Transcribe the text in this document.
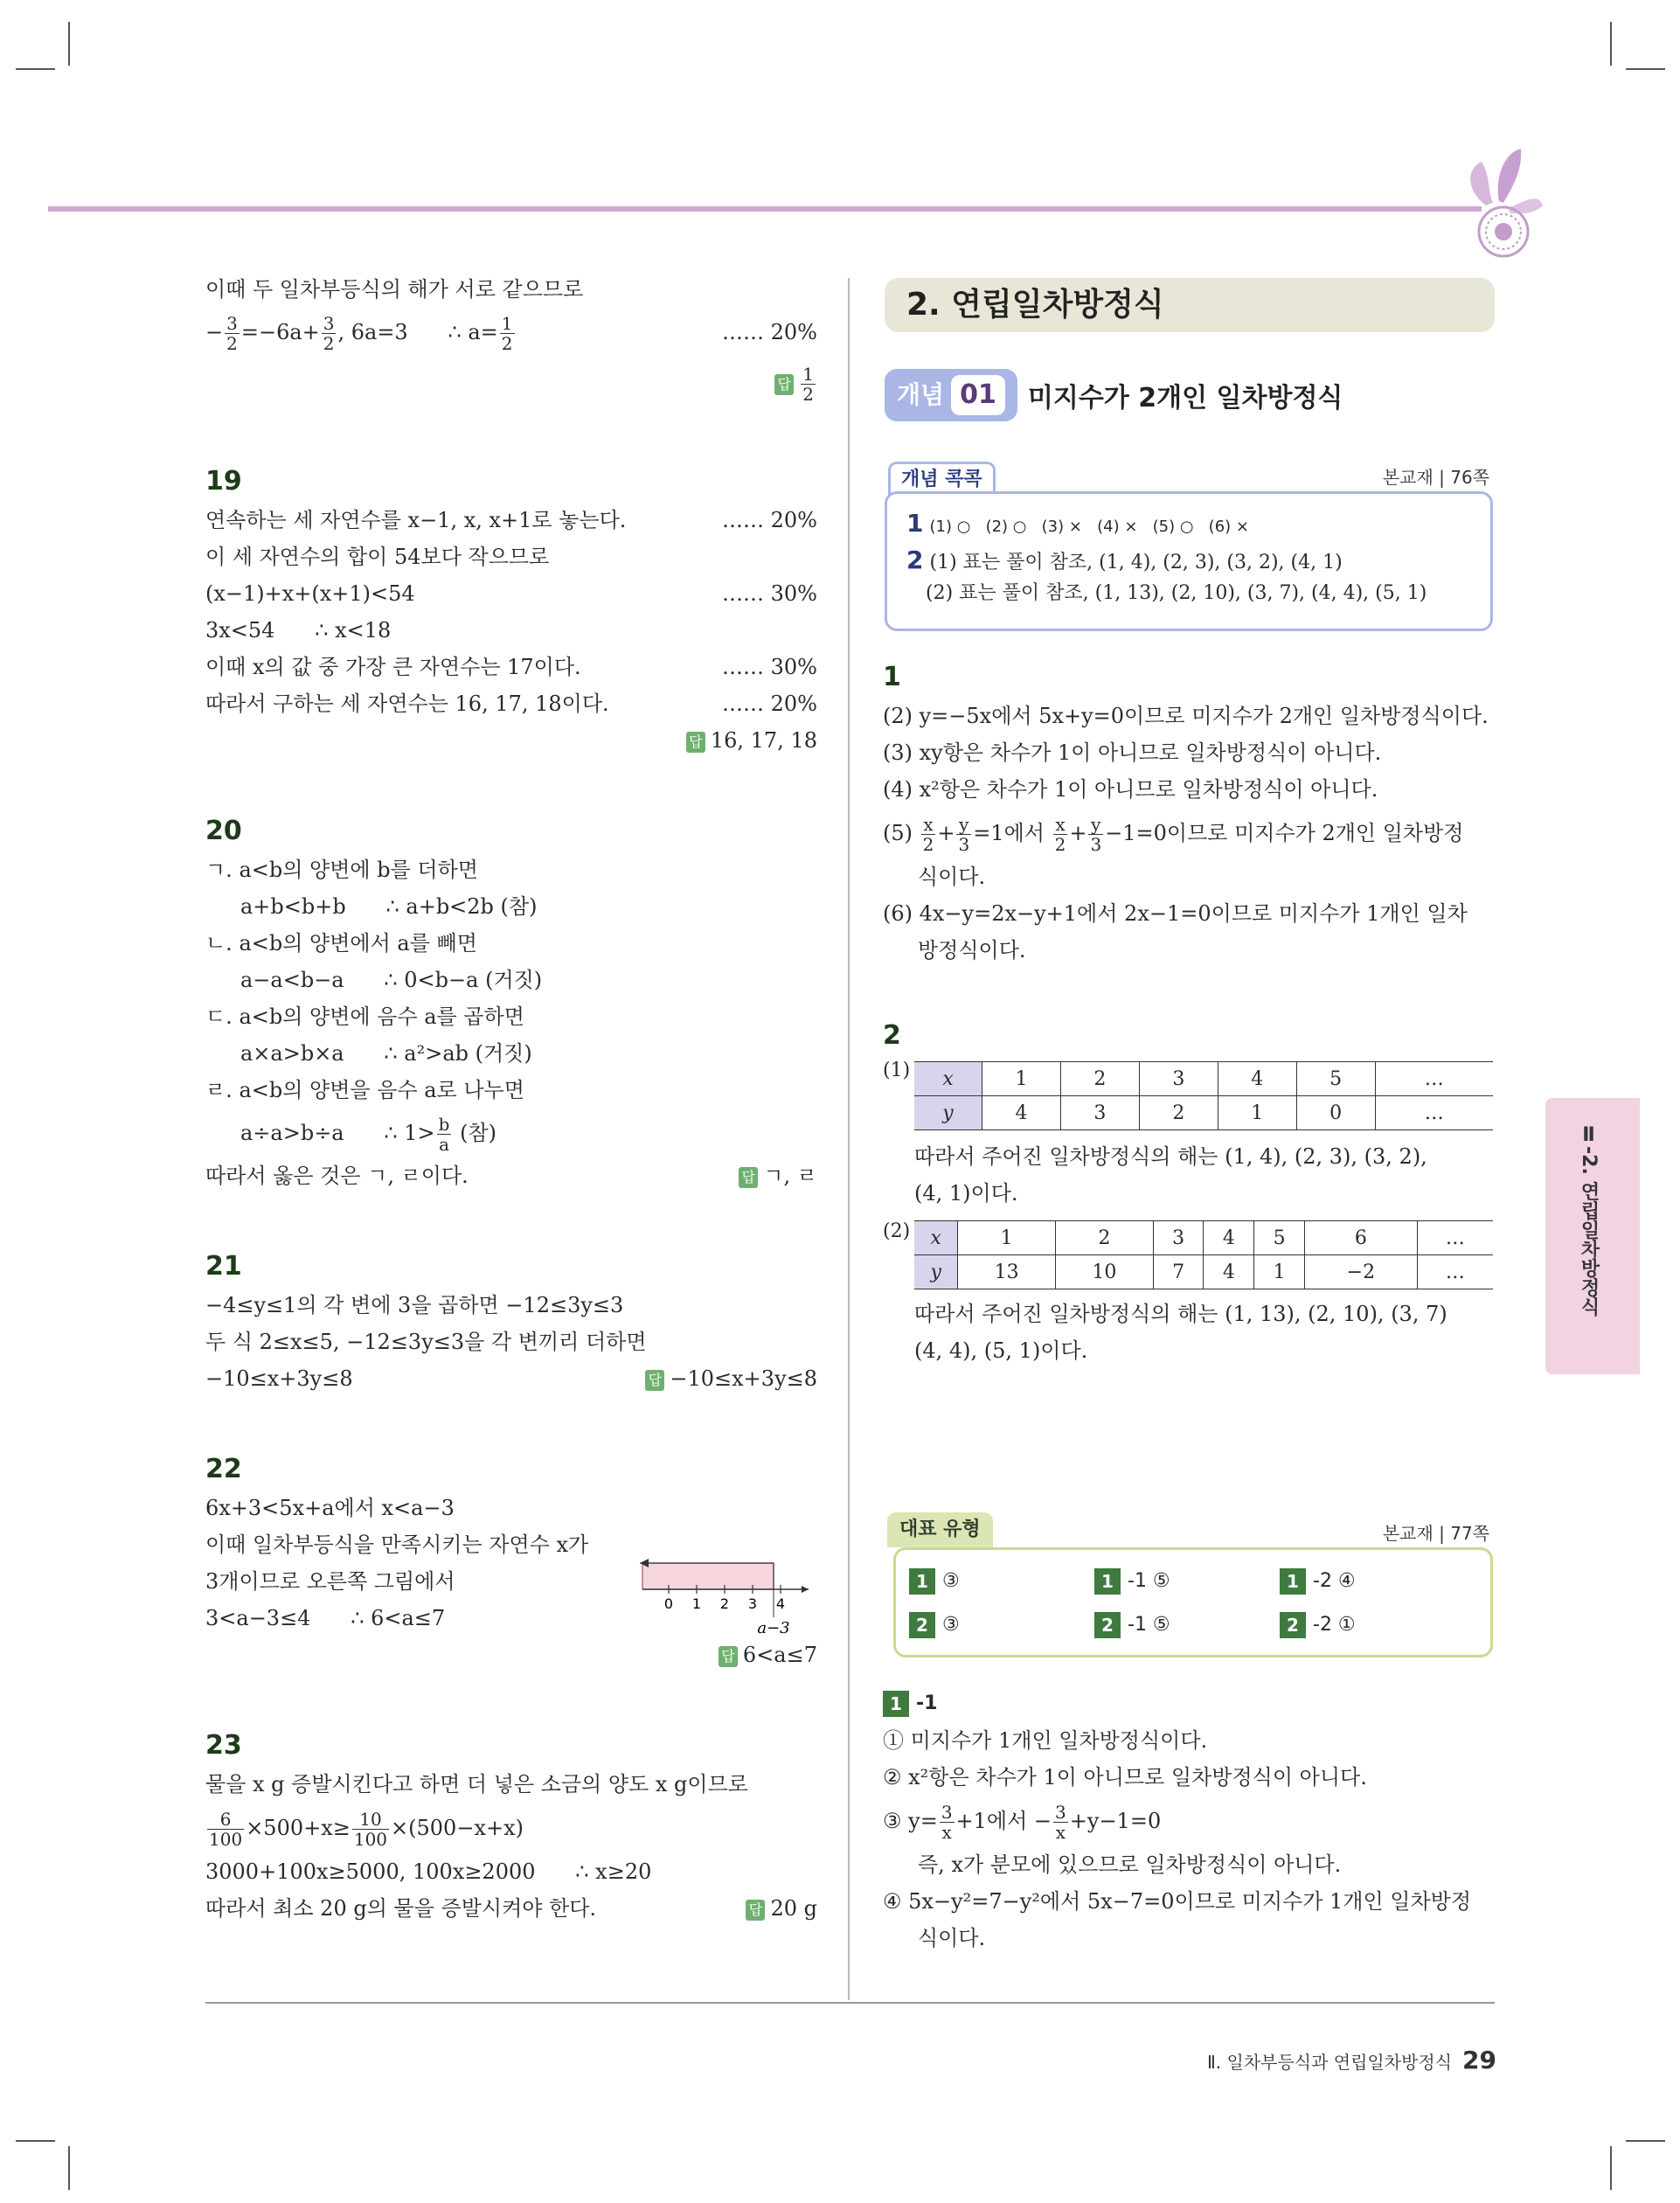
이때 두 일차부등식의 해가 서로 같으므로
− $\frac{3}{2} =-6a+ \frac{3}{2}$ , 6a=3      ∴ $a= \frac{1}{2}$	…… 20%
답 $\frac{1}{2}$
19
연속하는 세 자연수를 x−1, x, x+1로 놓는다.	…… 20%
이 세 자연수의 합이 54보다 작으므로
(x−1)+x+(x+1)<54	…… 30%
3x<54      ∴ x<18
이때 x의 값 중 가장 큰 자연수는 17이다.	…… 30%
따라서 구하는 세 자연수는 16, 17, 18이다.	…… 20%
답 16, 17, 18
20
ㄱ. a<b의 양변에 b를 더하면
a+b<b+b      ∴ a+b<2b (참)
ㄴ. a<b의 양변에서 a를 빼면
a−a<b−a      ∴ 0<b−a (거짓)
ㄷ. a<b의 양변에 음수 a를 곱하면
a×a>b×a      ∴ a²>ab (거짓)
ㄹ. a<b의 양변을 음수 a로 나누면
a÷a>b÷a      ∴ $1> \frac{b}{a}$ (참)
따라서 옳은 것은 ㄱ, ㄹ이다.	답 ㄱ, ㄹ
21
−4≤y≤1의 각 변에 3을 곱하면 −12≤3y≤3
두 식 2≤x≤5, −12≤3y≤3을 각 변끼리 더하면
−10≤x+3y≤8	답 −10≤x+3y≤8
22
6x+3<5x+a에서 x<a−3
이때 일차부등식을 만족시키는 자연수 x가
3개이므로 오른쪽 그림에서
3<a−3≤4      ∴ 6<a≤7
답 6<a≤7
23
물을 x g 증발시킨다고 하면 더 넣은 소금의 양도 x g이므로
$\frac{6}{100} \times 500+x\ge \frac{10}{100} \times(500-x+x)$
3000+100x≥5000, 100x≥2000      ∴ x≥20
따라서 최소 20 g의 물을 증발시켜야 한다.	답 20 g
0 1 2 3 4
a−3
2. 연립일차방정식
개념 01 미지수가 2개인 일차방정식
개념 콕콕	본교재 | 76쪽
1 (1) ○   (2) ○   (3) ×   (4) ×   (5) ○   (6) ×
2 (1) 표는 풀이 참조, (1, 4), (2, 3), (3, 2), (4, 1)
(2) 표는 풀이 참조, (1, 13), (2, 10), (3, 7), (4, 4), (5, 1)
1
(2) y=−5x에서 5x+y=0이므로 미지수가 2개인 일차방정식이다.
(3) xy항은 차수가 1이 아니므로 일차방정식이 아니다.
(4) x²항은 차수가 1이 아니므로 일차방정식이 아니다.
$(5) \frac{x}{2} + \frac{y}{3} =1$에서 $\frac{x}{2} + \frac{y}{3} -1=0$이므로 미지수가 2개인 일차방정
식이다.
(6) 4x−y=2x−y+1에서 2x−1=0이므로 미지수가 1개인 일차
방정식이다.
2
(1) x	1	2	3	4	5	…
y	4	3	2	1	0	…
따라서 주어진 일차방정식의 해는 (1, 4), (2, 3), (3, 2),
(4, 1)이다.
(2) x	1	2	3	4	5	6	…
y	13	10	7	4	1	−2	…
따라서 주어진 일차방정식의 해는 (1, 13), (2, 10), (3, 7)
(4, 4), (5, 1)이다.
대표 유형	본교재 | 77쪽
1 ③	1 -1 ⑤	1 -2 ④
2 ③	2 -1 ⑤	2 -2 ①
1 -1
① 미지수가 1개인 일차방정식이다.
② x²항은 차수가 1이 아니므로 일차방정식이 아니다.
③ $y= \frac{3}{x} +1$에서 − $\frac{3}{x} +y-1=0$
즉, x가 분모에 있으므로 일차방정식이 아니다.
④ 5x−y²=7−y²에서 5x−7=0이므로 미지수가 1개인 일차방정
식이다.
Ⅱ-2. 연립일차방정식
Ⅱ. 일차부등식과 연립일차방정식 29
